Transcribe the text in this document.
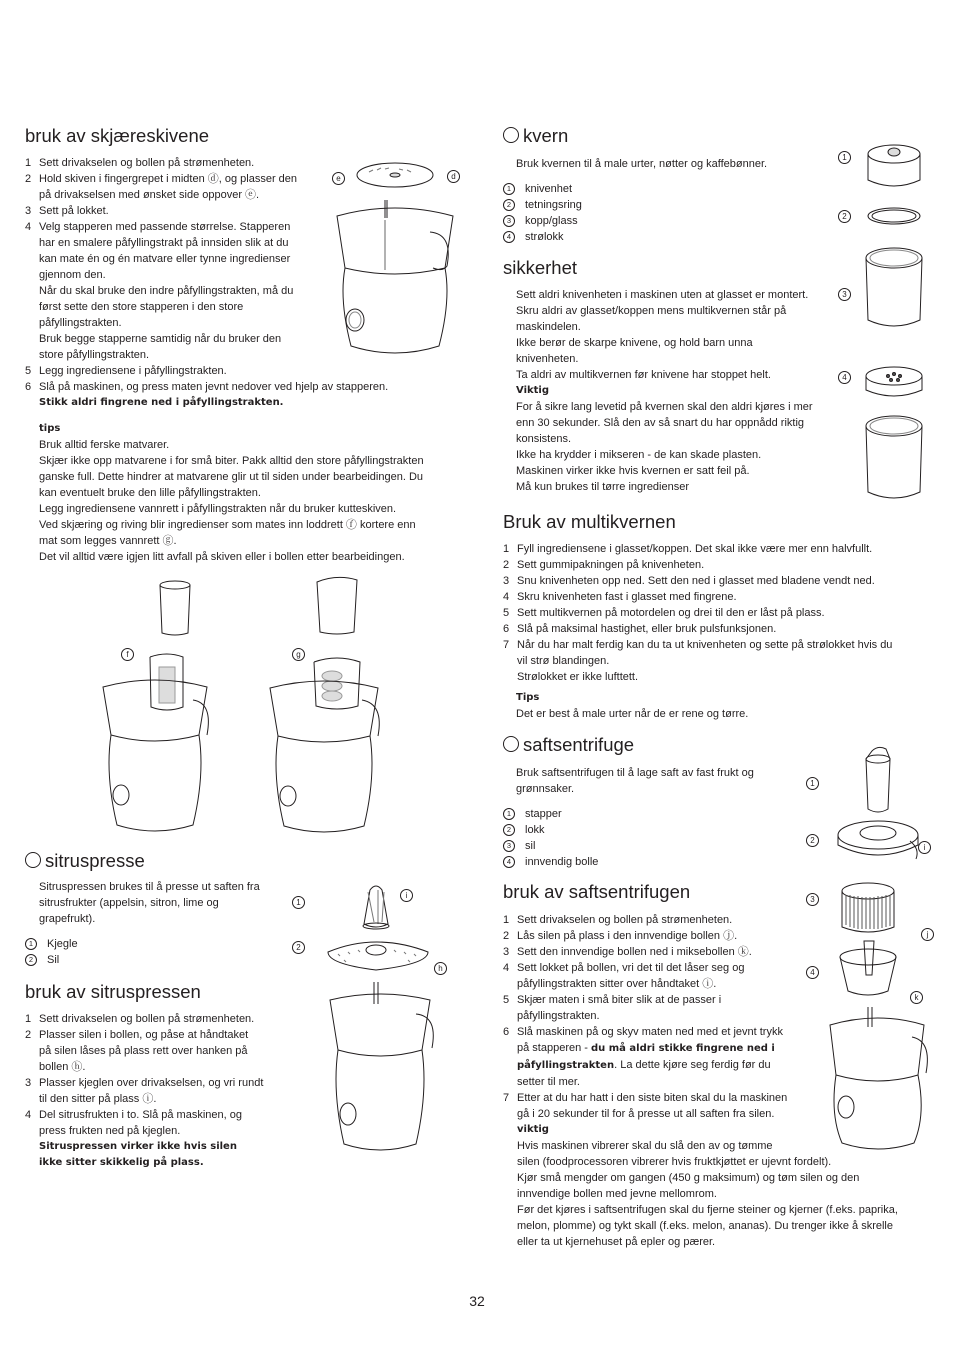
bruk av skjæreskivene
1 Sett drivakselen og bollen på strømenheten.
2 Hold skiven i fingergrepet i midten ⓓ, og plasser den
på drivakselsen med ønsket side oppover ⓔ.
3 Sett på lokket.
4 Velg stapperen med passende størrelse. Stapperen
har en smalere påfyllingstrakt på innsiden slik at du
kan mate én og én matvare eller tynne ingredienser
gjennom den.
Når du skal bruke den indre påfyllingstrakten, må du
først sette den store stapperen i den store
påfyllingstrakten.
Bruk begge stapperne samtidig når du bruker den
store påfyllingstrakten.
5 Legg ingrediensene i påfyllingstrakten.
6 Slå på maskinen, og press maten jevnt nedover ved hjelp av stapperen.
Stikk aldri fingrene ned i påfyllingstrakten.
tips
Bruk alltid ferske matvarer.
Skjær ikke opp matvarene i for små biter. Pakk alltid den store påfyllingstrakten
ganske full. Dette hindrer at matvarene glir ut til siden under bearbeidingen. Du
kan eventuelt bruke den lille påfyllingstrakten.
Legg ingrediensene vannrett i påfyllingstrakten når du bruker kutteskiven.
Ved skjæring og riving blir ingredienser som mates inn loddrett ⓕ kortere enn
mat som legges vannrett ⓖ.
Det vil alltid være igjen litt avfall på skiven eller i bollen etter bearbeidingen.
e	d
f	g
sitruspresse
Sitruspressen brukes til å presse ut saften fra
sitrusfrukter (appelsin, sitron, lime og
grapefrukt).
1	Kjegle
2	Sil
bruk av sitruspressen
1 Sett drivakselen og bollen på strømenheten.
2 Plasser silen i bollen, og påse at håndtaket
på silen låses på plass rett over hanken på
bollen ⓗ.
3 Plasser kjeglen over drivakselsen, og vri rundt
til den sitter på plass ⓘ.
4 Del sitrusfrukten i to. Slå på maskinen, og
press frukten ned på kjeglen.
Sitruspressen virker ikke hvis silen
ikke sitter skikkelig på plass.
1
2
i
h
kvern
Bruk kvernen til å male urter, nøtter og kaffebønner.
1	knivenhet
2	tetningsring
3	kopp/glass
4	strølokk
sikkerhet
Sett aldri knivenheten i maskinen uten at glasset er montert.
Skru aldri av glasset/koppen mens multikvernen står på
maskindelen.
Ikke berør de skarpe knivene, og hold barn unna
knivenheten.
Ta aldri av multikvernen før knivene har stoppet helt.
Viktig
For å sikre lang levetid på kvernen skal den aldri kjøres i mer
enn 30 sekunder. Slå den av så snart du har oppnådd riktig
konsistens.
Ikke ha krydder i mikseren - de kan skade plasten.
Maskinen virker ikke hvis kvernen er satt feil på.
Må kun brukes til tørre ingredienser
1
2
3
4
Bruk av multikvernen
1 Fyll ingrediensene i glasset/koppen. Det skal ikke være mer enn halvfullt.
2 Sett gummipakningen på knivenheten.
3 Snu knivenheten opp ned. Sett den ned i glasset med bladene vendt ned.
4 Skru knivenheten fast i glasset med fingrene.
5 Sett multikvernen på motordelen og drei til den er låst på plass.
6 Slå på maksimal hastighet, eller bruk pulsfunksjonen.
7 Når du har malt ferdig kan du ta ut knivenheten og sette på strølokket hvis du
vil strø blandingen.
Strølokket er ikke lufttett.
Tips
Det er best å male urter når de er rene og tørre.
saftsentrifuge
Bruk saftsentrifugen til å lage saft av fast frukt og
grønnsaker.
1	stapper
2	lokk
3	sil
4	innvendig bolle
bruk av saftsentrifugen
1 Sett drivakselen og bollen på strømenheten.
2 Lås silen på plass i den innvendige bollen ⓙ.
3 Sett den innvendige bollen ned i miksebollen ⓚ.
4 Sett lokket på bollen, vri det til det låser seg og
påfyllingstrakten sitter over håndtaket ⓘ.
5 Skjær maten i små biter slik at de passer i
påfyllingstrakten.
6 Slå maskinen på og skyv maten ned med et jevnt trykk
på stapperen - du må aldri stikke fingrene ned i
påfyllingstrakten. La dette kjøre seg ferdig før du
setter til mer.
7 Etter at du har hatt i den siste biten skal du la maskinen
gå i 20 sekunder til for å presse ut all saften fra silen.
viktig
Hvis maskinen vibrerer skal du slå den av og tømme
silen (foodprocessoren vibrerer hvis fruktkjøttet er ujevnt fordelt).
Kjør små mengder om gangen (450 g maksimum) og tøm silen og den
innvendige bollen med jevne mellomrom.
Før det kjøres i saftsentrifugen skal du fjerne steiner og kjerner (f.eks. paprika,
melon, plomme) og tykt skall (f.eks. melon, ananas). Du trenger ikke å skrelle
eller ta ut kjernehuset på epler og pærer.
1
2
3
4
i
j
k
32
